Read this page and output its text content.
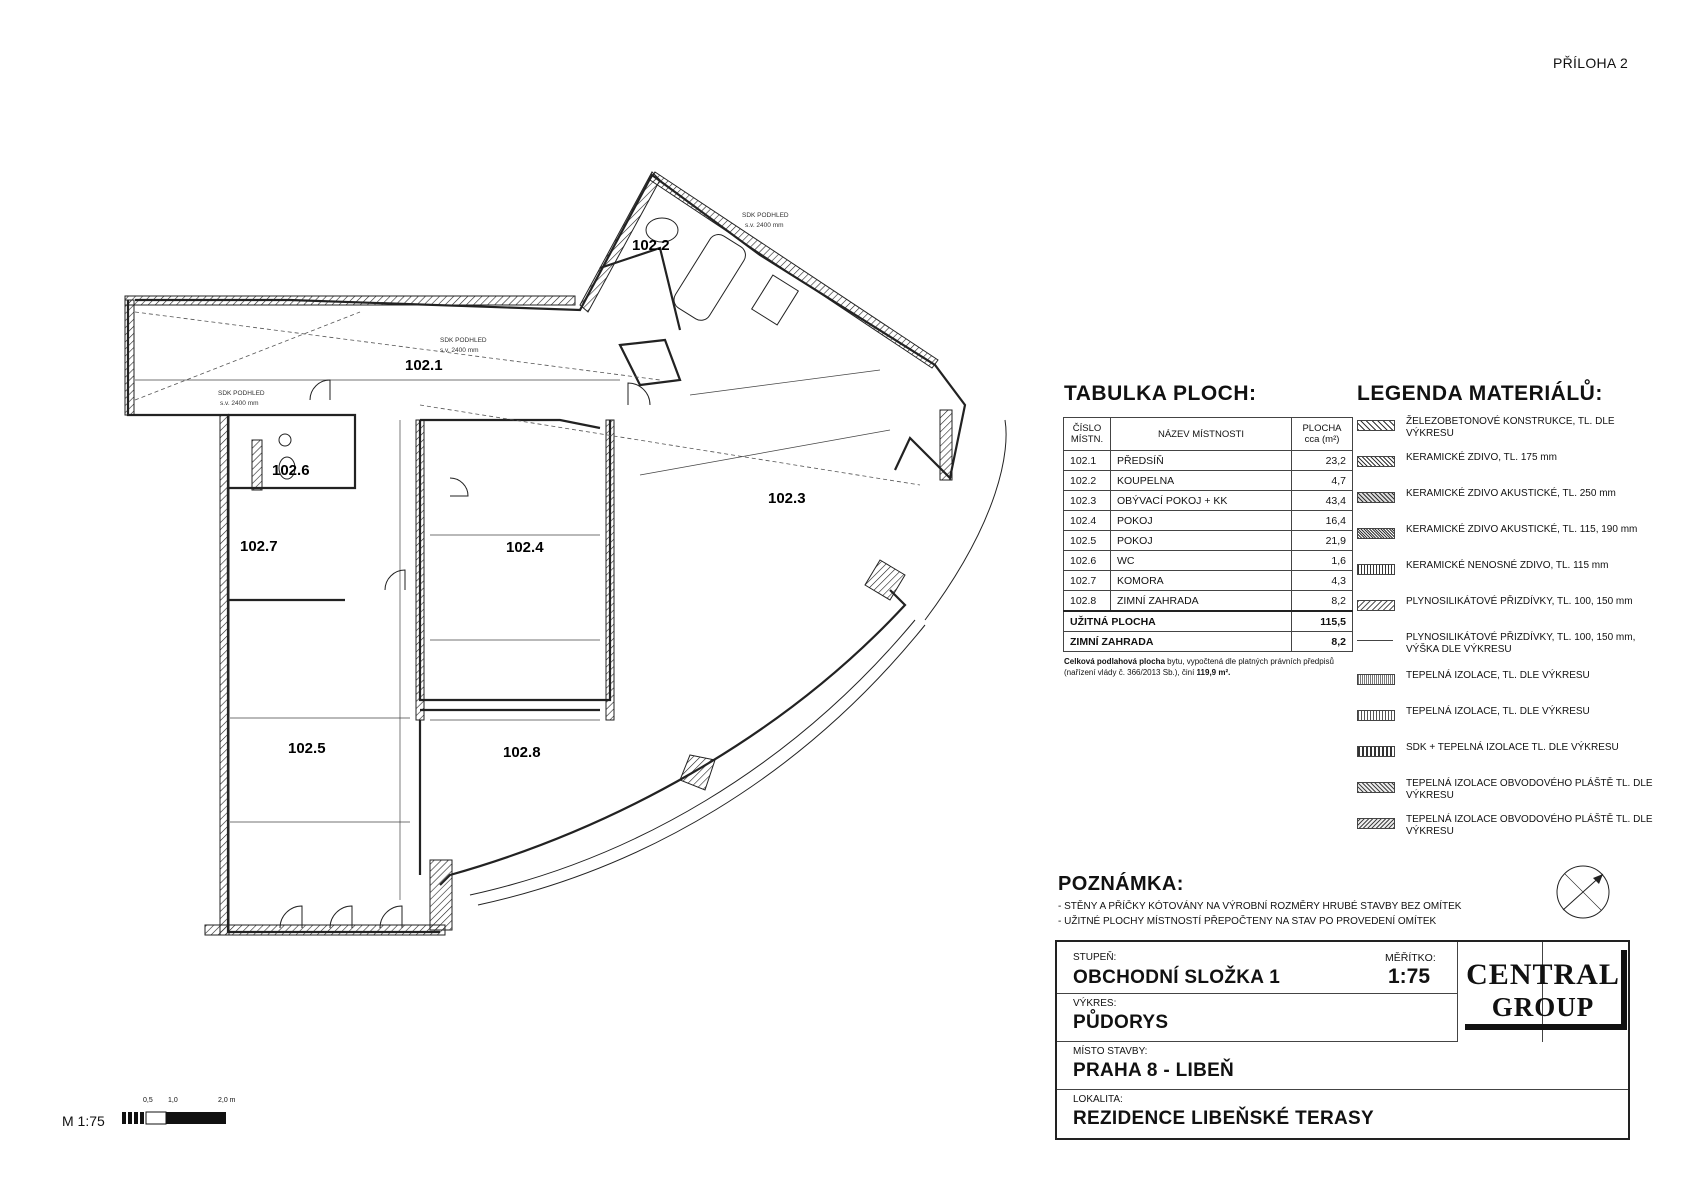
PŘÍLOHA 2
102.1
102.2
102.3
102.4
102.5
102.6
102.7
102.8
SDK PODHLED
s.v. 2400 mm
SDK PODHLED
s.v. 2400 mm
SDK PODHLED
s.v. 2400 mm
TABULKA PLOCH:
ČÍSLO MÍSTN.	NÁZEV MÍSTNOSTI	PLOCHA cca (m²)
102.1	PŘEDSÍŇ	23,2
102.2	KOUPELNA	4,7
102.3	OBÝVACÍ POKOJ + KK	43,4
102.4	POKOJ	16,4
102.5	POKOJ	21,9
102.6	WC	1,6
102.7	KOMORA	4,3
102.8	ZIMNÍ ZAHRADA	8,2
UŽITNÁ PLOCHA		115,5
ZIMNÍ ZAHRADA		8,2
Celková podlahová plocha bytu, vypočtená dle platných právních předpisů (nařízení vlády č. 366/2013 Sb.), činí 119,9 m².
LEGENDA MATERIÁLŮ:
ŽELEZOBETONOVÉ KONSTRUKCE, TL. DLE VÝKRESU
KERAMICKÉ ZDIVO, TL. 175 mm
KERAMICKÉ ZDIVO AKUSTICKÉ, TL. 250 mm
KERAMICKÉ ZDIVO AKUSTICKÉ, TL. 115, 190 mm
KERAMICKÉ NENOSNÉ ZDIVO, TL. 115 mm
PLYNOSILIKÁTOVÉ PŘIZDÍVKY, TL. 100, 150 mm
PLYNOSILIKÁTOVÉ PŘIZDÍVKY, TL. 100, 150 mm, VÝŠKA DLE VÝKRESU
TEPELNÁ IZOLACE, TL. DLE VÝKRESU
TEPELNÁ IZOLACE, TL. DLE VÝKRESU
SDK + TEPELNÁ IZOLACE TL. DLE VÝKRESU
TEPELNÁ IZOLACE OBVODOVÉHO PLÁŠTĚ TL. DLE VÝKRESU
TEPELNÁ IZOLACE OBVODOVÉHO PLÁŠTĚ TL. DLE VÝKRESU
POZNÁMKA:
- STĚNY A PŘÍČKY KÓTOVÁNY NA VÝROBNÍ ROZMĚRY HRUBÉ STAVBY BEZ OMÍTEK
- UŽITNÉ PLOCHY MÍSTNOSTÍ PŘEPOČTENY NA STAV PO PROVEDENÍ OMÍTEK
STUPEŇ:
OBCHODNÍ SLOŽKA 1
VÝKRES:
PŮDORYS
MÍSTO STAVBY:
PRAHA 8 - LIBEŇ
LOKALITA:
REZIDENCE LIBEŇSKÉ TERASY
MĚŘÍTKO:
1:75 CENTRAL
GROUP
M 1:75
0,5 1,0	2,0 m
